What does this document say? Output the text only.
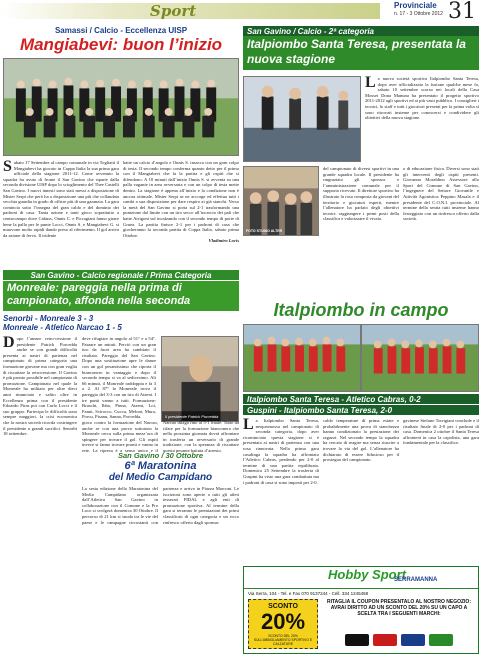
Sport	Provinciale
n. 17 - 3 Ottobre 2012 31
Samassi / Calcio - Eccellenza UISP
Mangiabevi: buon l’inizio
Sabato 17 Settembre al campo comunale in via Togliatti il Mangiabevi ha giocato in Coppa Italia la sua prima gara ufficiale della stagione 2011-12. Come avvenuto la squadra ha avuto di fronte il San Gavino che riparte dalla seconda divisione UISP dopo lo scioglimento del Thee Castelli San Gavino. I nuovi innesti sono stati messi a disposizione di Mister Serpi che però ha a disposizione una più che collaudata vecchia guardia in grado di offrire più di una garanzia. La gara comincia sotto l’insegna del gran caldo e del dominio dei padroni di casa. Tanta azione e tanti gioco soprattutto a centrocampo dove Cabuss, Onnis C. e Piccagiani fanno girare bene la palla per le punte Locci, Onnis S. e Mangiabevi G. si muovono molto rapidi dando preso al riferimento. Il gol arriva da azione di fervo. Il tridente
batte un calcio d’angolo e Onnis S. insacca con un gran colpo di testa. Il secondo tempo conferma quanto detto per il primo con il Mangiabevi che fa la partita e gli ospiti che si difendono. A 10 minuti dall’inizio Onnis S. si avventa su una palla vagante in area avversaria e con un colpo di testa mette dentro. La stagione è appena all’inizio e la condizione non è ancora ottimale. Mister Serpi se ne accorge ed effettua tutti i cambi a sua disposizione per dare respiro ai già stanchi. Verso la metà del San Gavino si porta sul 2-1 trasformando una punizione dal limite con un tiro secco all’incrocio dei pali che batte Arrigoni sul incalzando con il secondo tempo di porte di Gruea. La partita finisce 2-1 per i padroni di casa che giocheranno la seconda partita di Coppa Italia, sabato prima Ottobre.
Vladimiro Locis
San Gavino - Calcio regionale / Prima Categoria
Monreale: pareggia nella prima di campionato, affonda nella seconda
Senorbì - Monreale 3 - 3
Monreale - Atletico Narcao 1 - 5
Dopo l’amaro retro-cessione il presidente Patrick Porcedda anche se con grandi difficoltà presenta ai nastri di partenza nel campionato di prima categoria una formazione giovane ma con gran voglia di riscattare la retrocessione. Il Gavino è più pronto possibile nel campionato di promozione. Campionato nel quale la Monreale ha militato per oltre dieci anni rinunciato e salito oltre in Eccellenza prima con il presidente Edoardo Piras poi con Carlo Locci e il suo gruppo. Partecipa le difficoltà sono sempre maggiori, la crisi economica che la nostra società ricorda costringere il presidente a grandi sacrifici. Senorbì 18 settembre.
deve rifugiare in angolo al 51° e a 54°. Paraare un mirati. Perciò con un gran tiro da fuori area ha cambiato il risultato. Pareggio del San Gavino. Dopo una sostituzione apre le danze con un gol pesantissimo che riporta il bianconero in vantaggio e dopo il secondo tempo si va al sedicesimo. Ali 66 minuti, il Monreale raddoppia e fa 3 a 2. Al 87° la Monreale trova il pareggio del 3-3 con un tiro di Atzeni. I tre punti vanno a tutti. Formazione: Bruschi, Ibba, Pinna, Atzeni, Loi, Fanni, Scirocco, Cuccu, Meloni, Mura, Porcu, Pisanu, Sanna, Porcedda.	Il presidente Patrick Porcedda
gioco contro la formazione del Narcao, anche se con una prova sottotono la Monreale cerca sulla prima mezz’ora di spingere per trovare il gol. Gli ospiti invece si fanno trovare pronti e vanno in rete. La ripresa è a senso unico e il Narcao dilaga fino al 5-1 finale. Tutto da rifare per la formazione bianconera che nella prossima giornata dovrà affrontare in trasferta un avversario di grande tradizione, con la speranza di riscattare questa pesante battuta d’arresto.
San Gavino / 30 Ottobre
6ª Maratonina
del Medio Campidano
La sesta edizione della Maratonina del Medio Campidano organizzata dall’Atletica San Gavino in collaborazione con il Comune e la Pro Loco si svolgerà domenica 30 Ottobre. Il percorso di 21 km si snoda tra le vie del paese e le campagne circostanti con partenza e arrivo in Piazza Marconi. Le iscrizioni sono aperte a tutti gli atleti tesserati FIDAL e agli enti di promozione sportiva. Al termine della gara si terranno le premiazioni dei primi classificati di ogni categoria e un ricco rinfresco offerto dagli sponsor.
San Gavino / Calcio - 2ª categoria
Italpiombo Santa Teresa, presentata la nuova stagione
La nuova società sportiva Italpiombo Santa Teresa, dopo aver ufficializzato la fusione qualche mese fa, sabato 10 settembre scorso nei locali della Casa Mossei Dona Manuna ha presentato il progetto sportivo 2011-2012 agli sportivi ed ai più vasti pubblico. I consiglieri i tecnici, lo staff e tutti i giocatori presenti per la prima volta si sono ritrovati insieme per conoscersi e condividere gli obiettivi della nuova stagione.
FOTO STUDIO ALTER
del campionato di diversi sportivi in una grande squadra locale. Il presidente ha ringraziato gli sponsor e l’amministrazione comunale per il supporto ricevuto. Il direttore sportivo ha illustrato la rosa composta da giovani del territorio e giocatori esperti, mentre l’allenatore ha parlato degli obiettivi tecnici: raggiungere i primi posti della classifica e valorizzare il vivaio.
o di educazione fisica. Diversi sono stati gli interventi degli ospiti presenti. Giovanna Moraldino Assessore allo Sport del Comune di San Gavino, l’ingegnere del Settore Giovanile e Attività Agonistica Peppino Masala e il presidente del C.O.N.I. provinciale. Al termine della serata tutti insieme hanno festeggiato con un rinfresco offerto dalla società.
Italpiombo in campo
Italpiombo Santa Teresa - Atletico Cabras, 0-2
Guspini - Italpiombo Santa Teresa, 2-0
La Italpiombo Santa Teresa, neopromossa nel campionato di seconda categoria, dopo aver ricominciato questa stagione si è presentata ai nastri di partenza con una rosa rinnovata. Nella prima gara casalinga la squadra ha affrontato l’Atletico Cabras, perdendo per 2-0 al termine di una partita equilibrata. Domenica 25 Settembre la trasferta di Guspini ha visto una gara combattuta ma i padroni di casa si sono imposti per 2-0.
caldo temperature di prima estate e probabilmente una prova di stanchezza hanno condizionato la prestazione dei ragazzi. Nel secondo tempo la squadra ha cercato di reagire ma senza riuscire a trovare la via del gol. L’allenatore ha dichiarato di essere fiducioso per il prosieguo del campionato.
gavinese Stefano Torrigiani conclude e il risultato finale di 2-0 per i padroni di casa. Domenica 2 ottobre il Santa Teresa affronterà in casa la capolista, una gara fondamentale per la classifica.
Hobby Sport
SERRAMANNA
Via Serra, 104 - Tel. e Fax 070 9137244 - Cell. 334 1245458
SCONTO
20%
SCONTO DEL 20% SULL’ABBIGLIAMENTO SPORTIVO E CALZATURE
RITAGLIA IL COUPON PRESENTALO AL NOSTRO NEGOZIO: AVRAI DIRITTO AD UN SCONTO DEL 20% SU UN CAPO A SCELTA TRA I SEGUENTI MARCHI:
